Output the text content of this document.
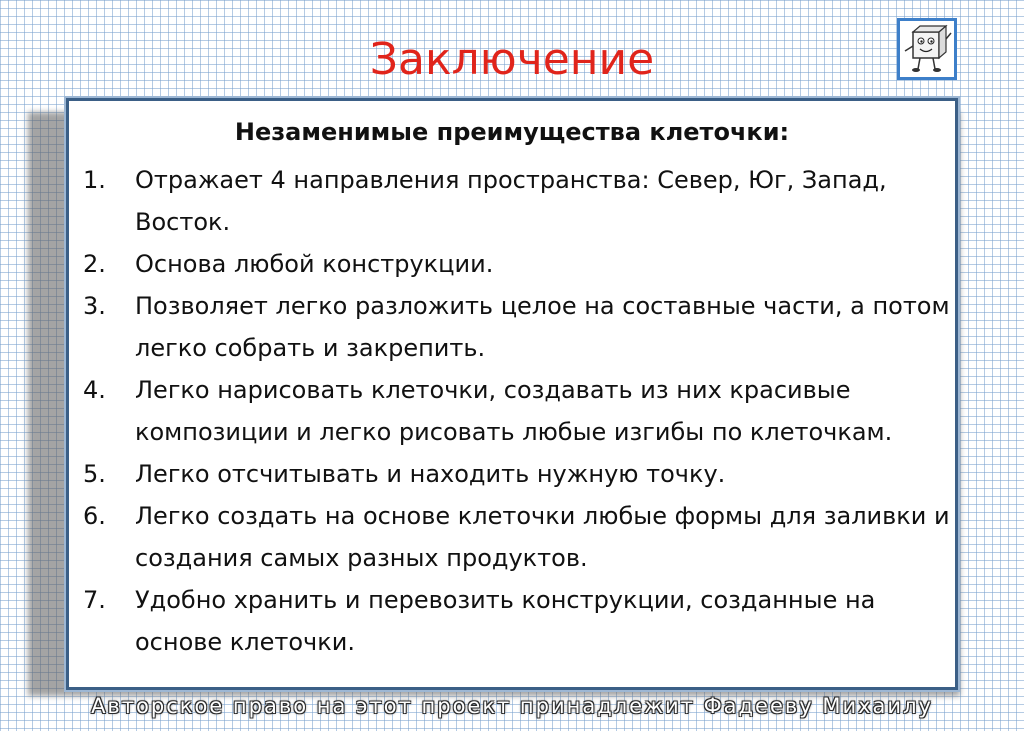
Заключение
Незаменимые преимущества клеточки:
1. Отражает 4 направления пространства: Север, Юг, Запад, Восток.
2. Основа любой конструкции.
3. Позволяет легко разложить целое на составные части, а потом легко собрать и закрепить.
4. Легко нарисовать клеточки, создавать из них красивые композиции и легко рисовать любые изгибы по клеточкам.
5. Легко отсчитывать и находить нужную точку.
6. Легко создать на основе клеточки любые формы для заливки и создания самых разных продуктов.
7. Удобно хранить и перевозить конструкции, созданные на основе клеточки.
Авторское право на этот проект принадлежит Фадееву Михаилу
